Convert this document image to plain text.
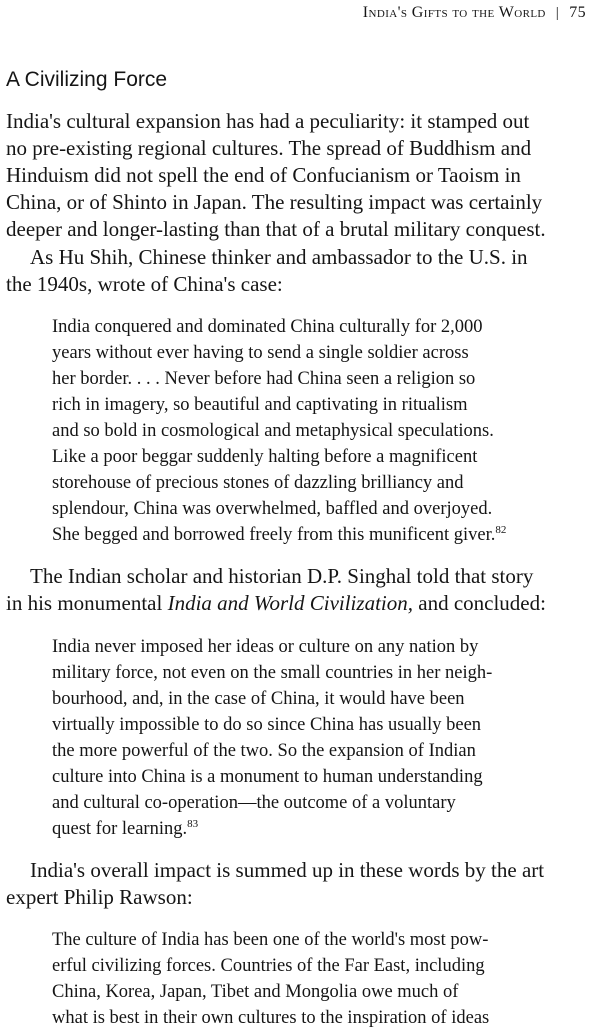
India's Gifts to the World | 75
A Civilizing Force
India's cultural expansion has had a peculiarity: it stamped out
no pre-existing regional cultures. The spread of Buddhism and
Hinduism did not spell the end of Confucianism or Taoism in
China, or of Shinto in Japan. The resulting impact was certainly
deeper and longer-lasting than that of a brutal military conquest.
As Hu Shih, Chinese thinker and ambassador to the U.S. in
the 1940s, wrote of China's case:
India conquered and dominated China culturally for 2,000
years without ever having to send a single soldier across
her border. . . . Never before had China seen a religion so
rich in imagery, so beautiful and captivating in ritualism
and so bold in cosmological and metaphysical speculations.
Like a poor beggar suddenly halting before a magnificent
storehouse of precious stones of dazzling brilliancy and
splendour, China was overwhelmed, baffled and overjoyed.
She begged and borrowed freely from this munificent giver.$^{82}$
The Indian scholar and historian D.P. Singhal told that story
in his monumental India and World Civilization, and concluded:
India never imposed her ideas or culture on any nation by
military force, not even on the small countries in her neigh-
bourhood, and, in the case of China, it would have been
virtually impossible to do so since China has usually been
the more powerful of the two. So the expansion of Indian
culture into China is a monument to human understanding
and cultural co-operation—the outcome of a voluntary
quest for learning.$^{83}$
India's overall impact is summed up in these words by the art
expert Philip Rawson:
The culture of India has been one of the world's most pow-
erful civilizing forces. Countries of the Far East, including
China, Korea, Japan, Tibet and Mongolia owe much of
what is best in their own cultures to the inspiration of ideas
